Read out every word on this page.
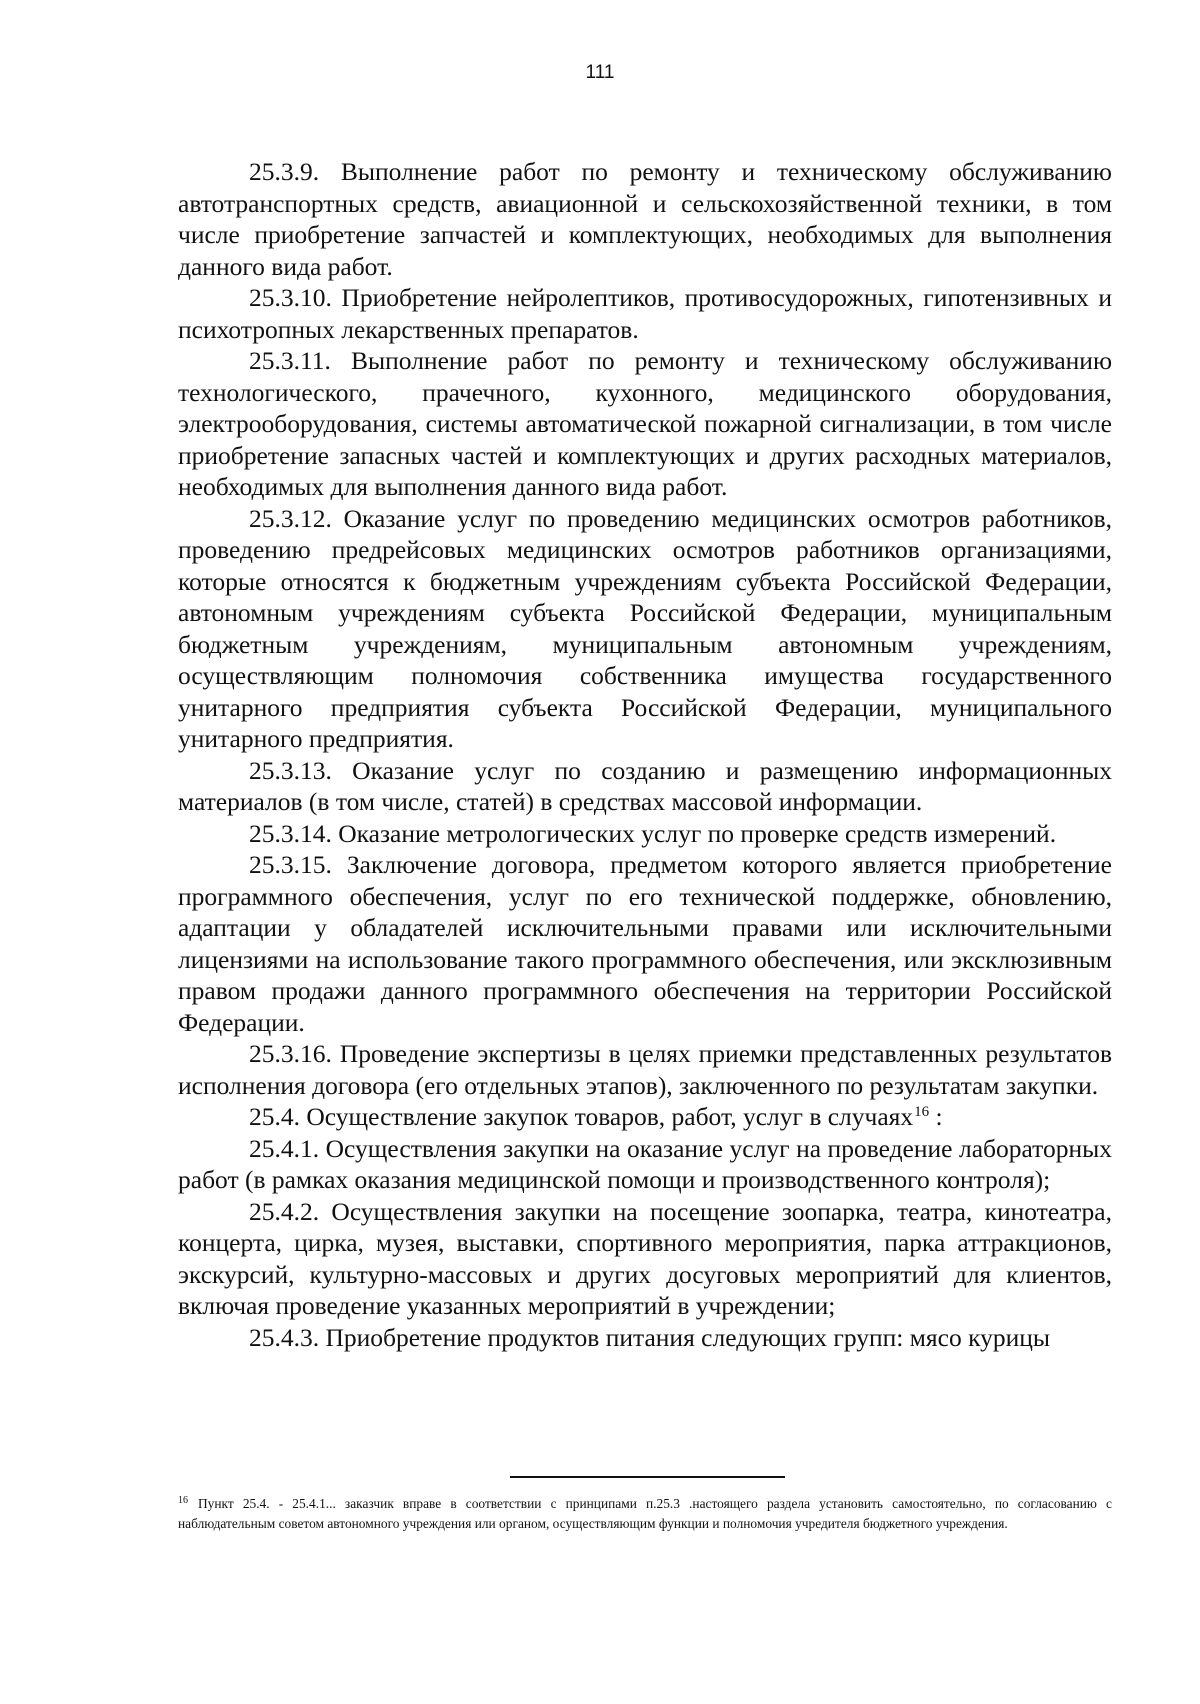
111

25.3.9. Выполнение работ по ремонту и техническому обслуживанию автотранспортных средств, авиационной и сельскохозяйственной техники, в том числе приобретение запчастей и комплектующих, необходимых для выполнения данного вида работ.

25.3.10. Приобретение нейролептиков, противосудорожных, гипотензивных и психотропных лекарственных препаратов.

25.3.11. Выполнение работ по ремонту и техническому обслуживанию технологического, прачечного, кухонного, медицинского оборудования, электрооборудования, системы автоматической пожарной сигнализации, в том числе приобретение запасных частей и комплектующих и других расходных материалов, необходимых для выполнения данного вида работ.

25.3.12. Оказание услуг по проведению медицинских осмотров работников, проведению предрейсовых медицинских осмотров работников организациями, которые относятся к бюджетным учреждениям субъекта Российской Федерации, автономным учреждениям субъекта Российской Федерации, муниципальным бюджетным учреждениям, муниципальным автономным учреждениям, осуществляющим полномочия собственника имущества государственного унитарного предприятия субъекта Российской Федерации, муниципального унитарного предприятия.

25.3.13. Оказание услуг по созданию и размещению информационных материалов (в том числе, статей) в средствах массовой информации.

25.3.14. Оказание метрологических услуг по проверке средств измерений.

25.3.15. Заключение договора, предметом которого является приобретение программного обеспечения, услуг по его технической поддержке, обновлению, адаптации у обладателей исключительными правами или исключительными лицензиями на использование такого программного обеспечения, или эксклюзивным правом продажи данного программного обеспечения на территории Российской Федерации.

25.3.16. Проведение экспертизы в целях приемки представленных результатов исполнения договора (его отдельных этапов), заключенного по результатам закупки.

25.4. Осуществление закупок товаров, работ, услуг в случаях$^{16}$ :

25.4.1. Осуществления закупки на оказание услуг на проведение лабораторных работ (в рамках оказания медицинской помощи и производственного контроля);

25.4.2. Осуществления закупки на посещение зоопарка, театра, кинотеатра, концерта, цирка, музея, выставки, спортивного мероприятия, парка аттракционов, экскурсий, культурно-массовых и других досуговых мероприятий для клиентов, включая проведение указанных мероприятий в учреждении;

25.4.3. Приобретение продуктов питания следующих групп: мясо курицы

$^{16}$ Пункт 25.4. - 25.4.1... заказчик вправе в соответствии с принципами п.25.3 .настоящего раздела установить самостоятельно, по согласованию с наблюдательным советом автономного учреждения или органом, осуществляющим функции и полномочия учредителя бюджетного учреждения.
